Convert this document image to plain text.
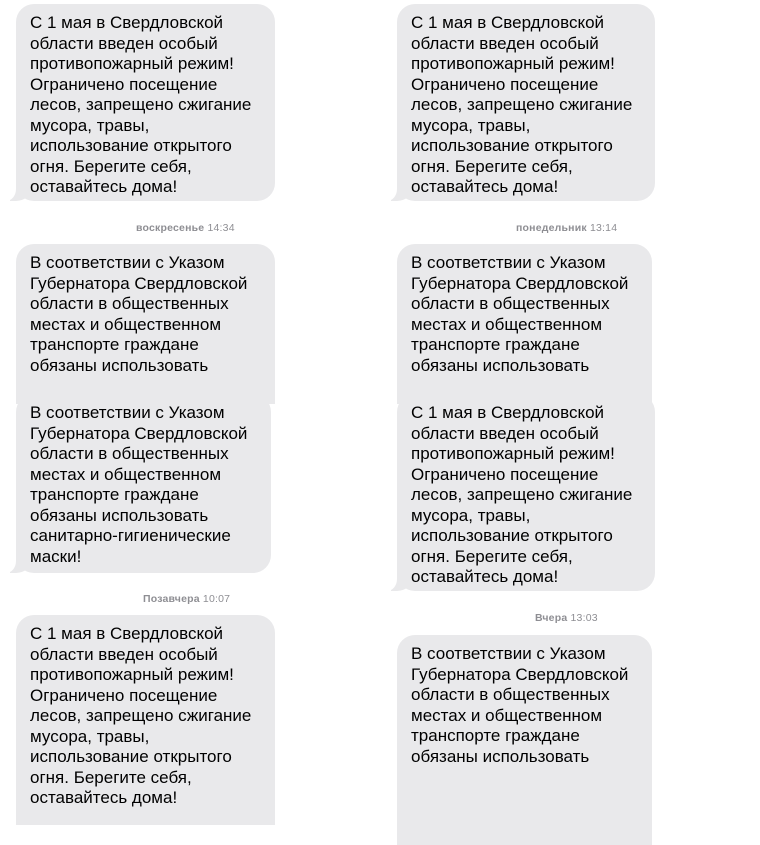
С 1 мая в Свердловской области введен особый противопожарный режим! Ограничено посещение лесов, запрещено сжигание мусора, травы, использование открытого огня. Берегите себя, оставайтесь дома!
воскресенье 14:34
В соответствии с Указом Губернатора Свердловской области в общественных местах и общественном транспорте граждане обязаны использовать
В соответствии с Указом Губернатора Свердловской области в общественных местах и общественном транспорте граждане обязаны использовать санитарно-гигиенические маски!
Позавчера 10:07
С 1 мая в Свердловской области введен особый противопожарный режим! Ограничено посещение лесов, запрещено сжигание мусора, травы, использование открытого огня. Берегите себя, оставайтесь дома!
С 1 мая в Свердловской области введен особый противопожарный режим! Ограничено посещение лесов, запрещено сжигание мусора, травы, использование открытого огня. Берегите себя, оставайтесь дома!
понедельник 13:14
В соответствии с Указом Губернатора Свердловской области в общественных местах и общественном транспорте граждане обязаны использовать
С 1 мая в Свердловской области введен особый противопожарный режим! Ограничено посещение лесов, запрещено сжигание мусора, травы, использование открытого огня. Берегите себя, оставайтесь дома!
Вчера 13:03
В соответствии с Указом Губернатора Свердловской области в общественных местах и общественном транспорте граждане обязаны использовать
